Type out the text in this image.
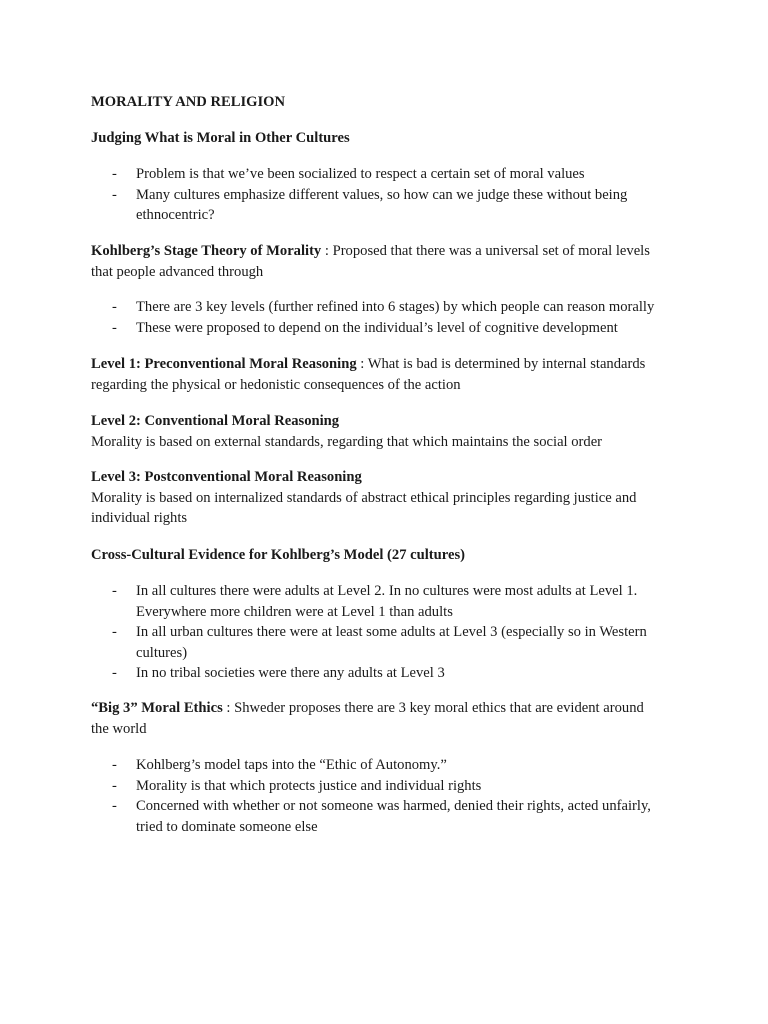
MORALITY AND RELIGION
Judging What is Moral in Other Cultures
- Problem is that we’ve been socialized to respect a certain set of moral values
- Many cultures emphasize different values, so how can we judge these without being
ethnocentric?
Kohlberg’s Stage Theory of Morality : Proposed that there was a universal set of moral levels
that people advanced through
- There are 3 key levels (further refined into 6 stages) by which people can reason morally
- These were proposed to depend on the individual’s level of cognitive development
Level 1: Preconventional Moral Reasoning : What is bad is determined by internal standards
regarding the physical or hedonistic consequences of the action
Level 2: Conventional Moral Reasoning
Morality is based on external standards, regarding that which maintains the social order
Level 3: Postconventional Moral Reasoning
Morality is based on internalized standards of abstract ethical principles regarding justice and
individual rights
Cross-Cultural Evidence for Kohlberg’s Model (27 cultures)
- In all cultures there were adults at Level 2. In no cultures were most adults at Level 1.
Everywhere more children were at Level 1 than adults
- In all urban cultures there were at least some adults at Level 3 (especially so in Western
cultures)
- In no tribal societies were there any adults at Level 3
“Big 3” Moral Ethics : Shweder proposes there are 3 key moral ethics that are evident around
the world
- Kohlberg’s model taps into the “Ethic of Autonomy.”
- Morality is that which protects justice and individual rights
- Concerned with whether or not someone was harmed, denied their rights, acted unfairly,
tried to dominate someone else
